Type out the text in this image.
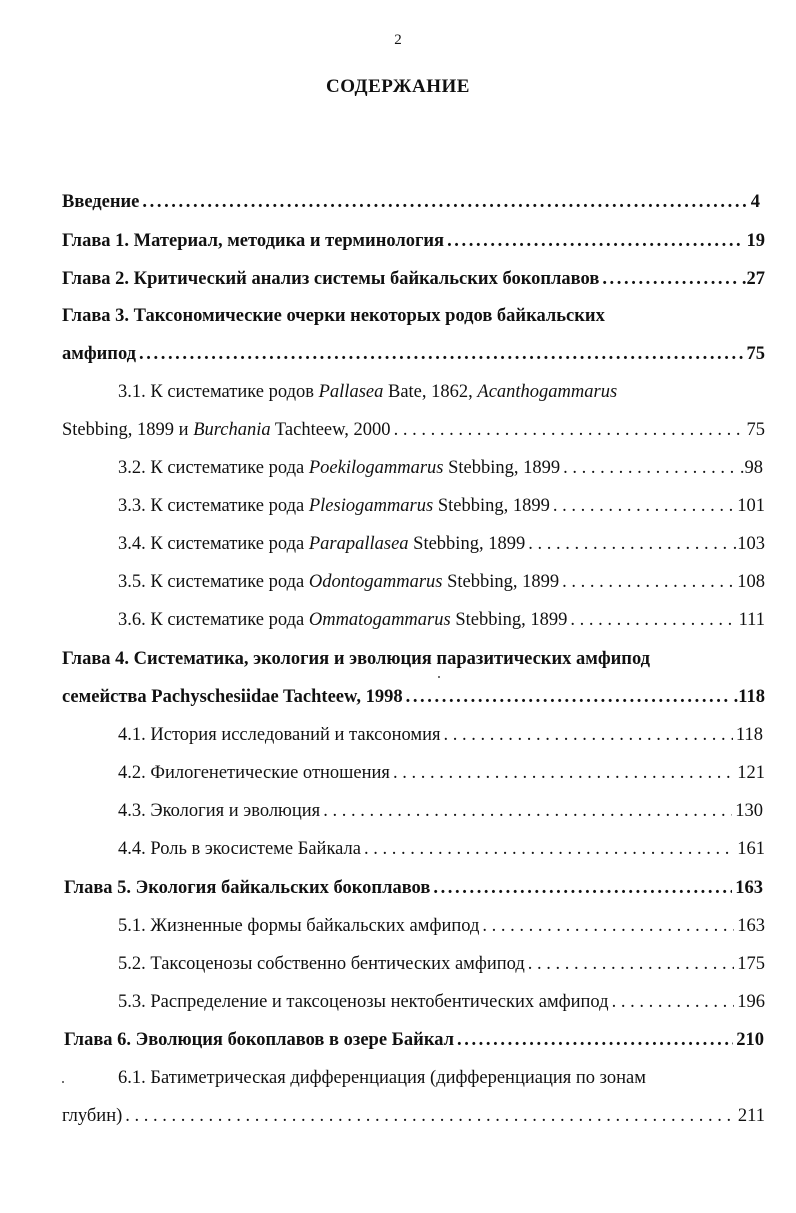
2
СОДЕРЖАНИЕ
Введение .....	4
Глава 1. Материал, методика и терминология .....	19
Глава 2. Критический анализ системы байкальских бокоплавов .....	.27
Глава 3. Таксономические очерки некоторых родов байкальских
амфипод .....	75
3.1. К систематике родов Pallasea Bate, 1862, Acanthogammarus
Stebbing, 1899 и Burchania Tachteew, 2000 . . .	75
3.2. К систематике рода Poekilogammarus Stebbing, 1899 . . .	.98
3.3. К систематике рода Plesiogammarus Stebbing, 1899 . . .	101
3.4. К систематике рода Parapallasea Stebbing, 1899 . . .	.103
3.5. К систематике рода Odontogammarus Stebbing, 1899 . . .	108
3.6. К систематике рода Ommatogammarus Stebbing, 1899 . . .	111
Глава 4. Систематика, экология и эволюция паразитических амфипод
семейства Pachyschesiidae Tachteew, 1998 .....	.118
4.1. История исследований и таксономия . . .	118
4.2. Филогенетические отношения . . .	121
4.3. Экология и эволюция . . .	130
4.4. Роль в экосистеме Байкала . . .	161
Глава 5. Экология байкальских бокоплавов .....	163
5.1. Жизненные формы байкальских амфипод . . .	163
5.2. Таксоценозы собственно бентических амфипод . . .	175
5.3. Распределение и таксоценозы нектобентических амфипод . . .	196
Глава 6. Эволюция бокоплавов в озере Байкал .....	210
6.1. Батиметрическая дифференциация (дифференциация по зонам
глубин) . . .	211
